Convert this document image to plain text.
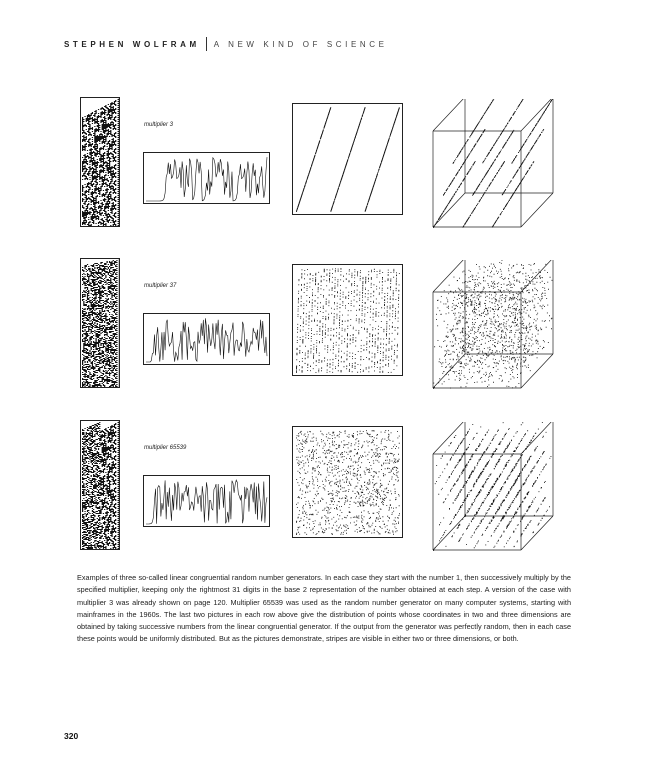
STEPHEN WOLFRAM A NEW KIND OF SCIENCE
multiplier 3
multiplier 37
multiplier 65539

Examples of three so-called linear congruential random number generators. In each case they start with the number 1, then successively multiply by the specified multiplier, keeping only the rightmost 31 digits in the base 2 representation of the number obtained at each step. A version of the case with multiplier 3 was already shown on page 120. Multiplier 65539 was used as the random number generator on many computer systems, starting with mainframes in the 1960s. The last two pictures in each row above give the distribution of points whose coordinates in two and three dimensions are obtained by taking successive numbers from the linear congruential generator. If the output from the generator was perfectly random, then in each case these points would be uniformly distributed. But as the pictures demonstrate, stripes are visible in either two or three dimensions, or both.

320
